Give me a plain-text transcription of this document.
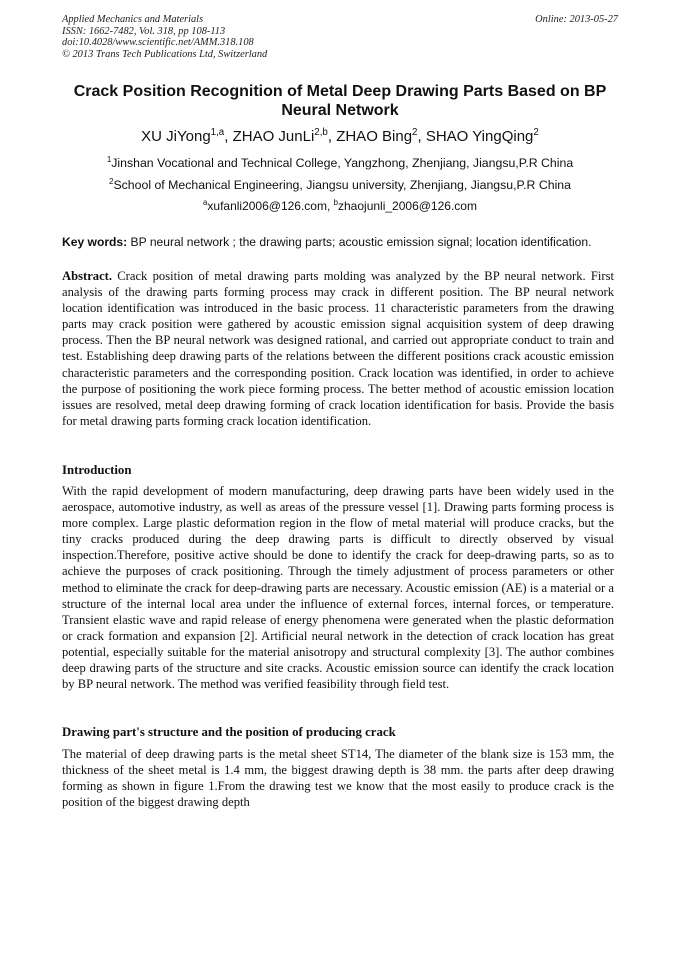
Applied Mechanics and Materials
ISSN: 1662-7482, Vol. 318, pp 108-113
doi:10.4028/www.scientific.net/AMM.318.108
© 2013 Trans Tech Publications Ltd, Switzerland
Online: 2013-05-27
Crack Position Recognition of Metal Deep Drawing Parts Based on BP Neural Network
XU JiYong$^{1,a}$, ZHAO JunLi$^{2,b}$, ZHAO Bing$^2$, SHAO YingQing$^2$
$^1$Jinshan Vocational and Technical College, Yangzhong, Zhenjiang, Jiangsu,P.R China
$^2$School of Mechanical Engineering, Jiangsu university, Zhenjiang, Jiangsu,P.R China
$^a$xufanli2006@126.com, $^b$zhaojunli_2006@126.com
Key words: BP neural network ; the drawing parts; acoustic emission signal; location identification.
Abstract. Crack position of metal drawing parts molding was analyzed by the BP neural network. First analysis of the drawing parts forming process may crack in different position. The BP neural network location identification was introduced in the basic process. 11 characteristic parameters from the drawing parts may crack position were gathered by acoustic emission signal acquisition system of deep drawing process. Then the BP neural network was designed rational, and carried out appropriate conduct to train and test. Establishing deep drawing parts of the relations between the different positions crack acoustic emission characteristic parameters and the corresponding position. Crack location was identified, in order to achieve the purpose of positioning the work piece forming process. The better method of acoustic emission location issues are resolved, metal deep drawing forming of crack location identification for basis. Provide the basis for metal drawing parts forming crack location identification.
Introduction
With the rapid development of modern manufacturing, deep drawing parts have been widely used in the aerospace, automotive industry, as well as areas of the pressure vessel [1]. Drawing parts forming process is more complex. Large plastic deformation region in the flow of metal material will produce cracks, but the tiny cracks produced during the deep drawing parts is difficult to directly observed by visual inspection.Therefore, positive active should be done to identify the crack for deep-drawing parts, so as to achieve the purposes of crack positioning. Through the timely adjustment of process parameters or other method to eliminate the crack for deep-drawing parts are necessary. Acoustic emission (AE) is a material or a structure of the internal local area under the influence of external forces, internal forces, or temperature. Transient elastic wave and rapid release of energy phenomena were generated when the plastic deformation or crack formation and expansion [2]. Artificial neural network in the detection of crack location has great potential, especially suitable for the material anisotropy and structural complexity [3]. The author combines deep drawing parts of the structure and site cracks. Acoustic emission source can identify the crack location by BP neural network. The method was verified feasibility through field test.
Drawing part's structure and the position of producing crack
The material of deep drawing parts is the metal sheet ST14, The diameter of the blank size is 153 mm, the thickness of the sheet metal is 1.4 mm, the biggest drawing depth is 38 mm. the parts after deep drawing forming as shown in figure 1.From the drawing test we know that the most easily to produce crack is the position of the biggest drawing depth
